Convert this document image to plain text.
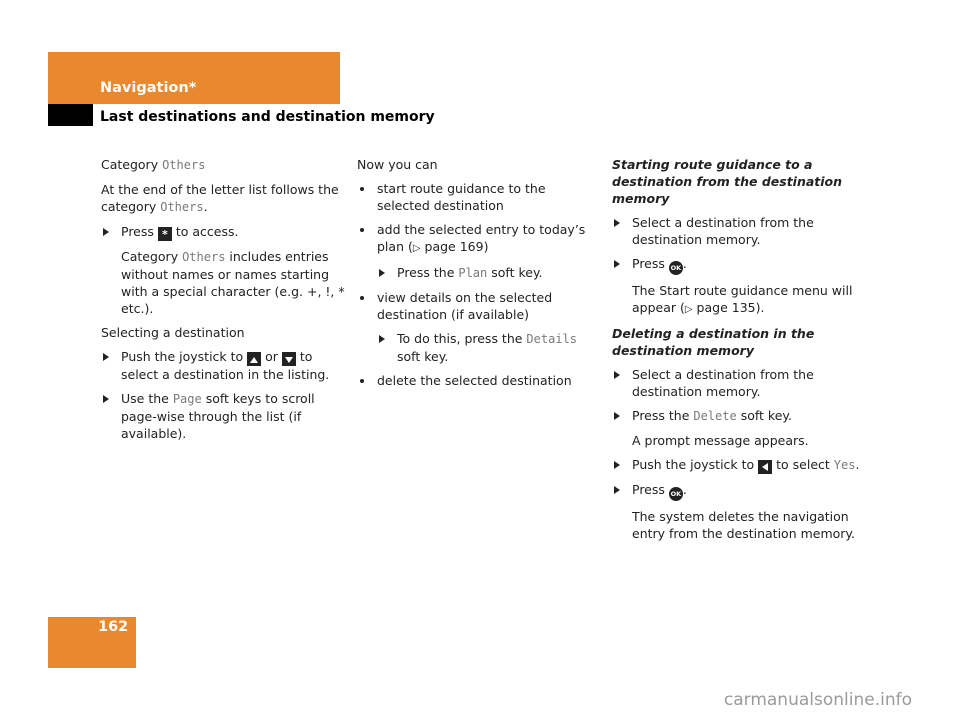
Navigation*
Last destinations and destination memory

Category Others

At the end of the letter list follows the category Others.

Press * to access.

Category Others includes entries without names or names starting with a special character (e.g. +, !, * etc.).

Selecting a destination

Push the joystick to  or  to select a destination in the listing.

Use the Page soft keys to scroll page-wise through the list (if available).

Now you can

start route guidance to the selected destination

add the selected entry to today’s plan (▷ page 169)

Press the Plan soft key.

view details on the selected destination (if available)

To do this, press the Details soft key.

delete the selected destination

Starting route guidance to a destination from the destination memory

Select a destination from the destination memory.

Press OK .

The Start route guidance menu will appear (▷ page 135).

Deleting a destination in the destination memory

Select a destination from the destination memory.

Press the Delete soft key.

A prompt message appears.

Push the joystick to  to select Yes.

Press OK .

The system deletes the navigation entry from the destination memory.

162
carmanualsonline.info
